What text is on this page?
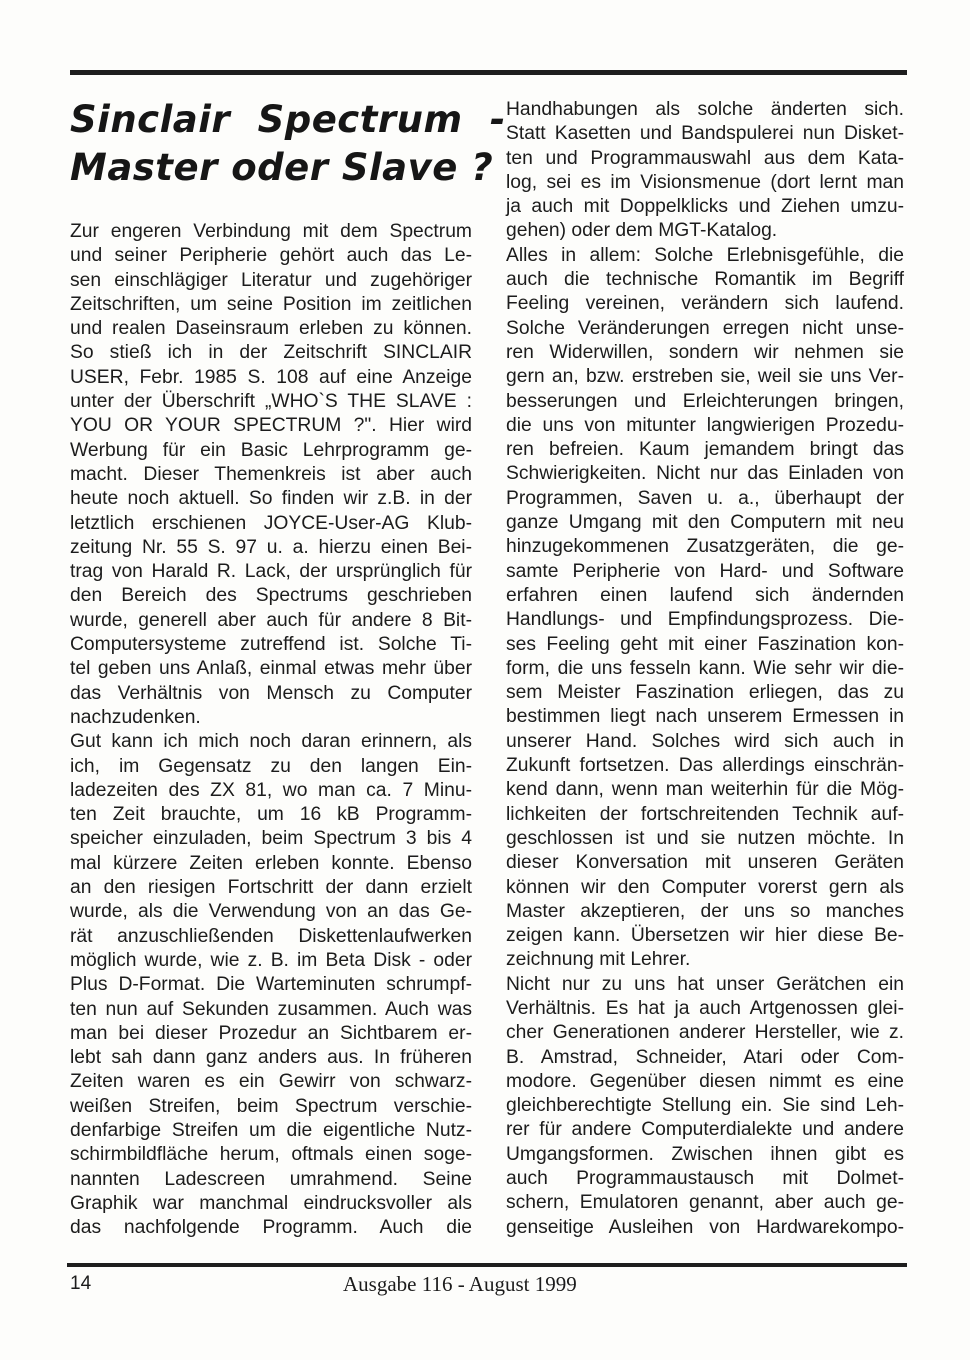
Sinclair Spectrum -
Master oder Slave ?
Zur engeren Verbindung mit dem Spectrum
und seiner Peripherie gehört auch das Le-
sen einschlägiger Literatur und zugehöriger
Zeitschriften, um seine Position im zeitlichen
und realen Daseinsraum erleben zu können.
So stieß ich in der Zeitschrift SINCLAIR
USER, Febr. 1985 S. 108 auf eine Anzeige
unter der Überschrift „WHO`S THE SLAVE :
YOU OR YOUR SPECTRUM ?". Hier wird
Werbung für ein Basic Lehrprogramm ge-
macht. Dieser Themenkreis ist aber auch
heute noch aktuell. So finden wir z.B. in der
letztlich erschienen JOYCE-User-AG Klub-
zeitung Nr. 55 S. 97 u. a. hierzu einen Bei-
trag von Harald R. Lack, der ursprünglich für
den Bereich des Spectrums geschrieben
wurde, generell aber auch für andere 8 Bit-
Computersysteme zutreffend ist. Solche Ti-
tel geben uns Anlaß, einmal etwas mehr über
das Verhältnis von Mensch zu Computer
nachzudenken.
Gut kann ich mich noch daran erinnern, als
ich, im Gegensatz zu den langen Ein-
ladezeiten des ZX 81, wo man ca. 7 Minu-
ten Zeit brauchte, um 16 kB Programm-
speicher einzuladen, beim Spectrum 3 bis 4
mal kürzere Zeiten erleben konnte. Ebenso
an den riesigen Fortschritt der dann erzielt
wurde, als die Verwendung von an das Ge-
rät anzuschließenden Diskettenlaufwerken
möglich wurde, wie z. B. im Beta Disk - oder
Plus D-Format. Die Warteminuten schrumpf-
ten nun auf Sekunden zusammen. Auch was
man bei dieser Prozedur an Sichtbarem er-
lebt sah dann ganz anders aus. In früheren
Zeiten waren es ein Gewirr von schwarz-
weißen Streifen, beim Spectrum verschie-
denfarbige Streifen um die eigentliche Nutz-
schirmbildfläche herum, oftmals einen soge-
nannten Ladescreen umrahmend. Seine
Graphik war manchmal eindrucksvoller als
das nachfolgende Programm. Auch die
Handhabungen als solche änderten sich.
Statt Kasetten und Bandspulerei nun Disket-
ten und Programmauswahl aus dem Kata-
log, sei es im Visionsmenue (dort lernt man
ja auch mit Doppelklicks und Ziehen umzu-
gehen) oder dem MGT-Katalog.
Alles in allem: Solche Erlebnisgefühle, die
auch die technische Romantik im Begriff
Feeling vereinen, verändern sich laufend.
Solche Veränderungen erregen nicht unse-
ren Widerwillen, sondern wir nehmen sie
gern an, bzw. erstreben sie, weil sie uns Ver-
besserungen und Erleichterungen bringen,
die uns von mitunter langwierigen Prozedu-
ren befreien. Kaum jemandem bringt das
Schwierigkeiten. Nicht nur das Einladen von
Programmen, Saven u. a., überhaupt der
ganze Umgang mit den Computern mit neu
hinzugekommenen Zusatzgeräten, die ge-
samte Peripherie von Hard- und Software
erfahren einen laufend sich ändernden
Handlungs- und Empfindungsprozess. Die-
ses Feeling geht mit einer Faszination kon-
form, die uns fesseln kann. Wie sehr wir die-
sem Meister Faszination erliegen, das zu
bestimmen liegt nach unserem Ermessen in
unserer Hand. Solches wird sich auch in
Zukunft fortsetzen. Das allerdings einschrän-
kend dann, wenn man weiterhin für die Mög-
lichkeiten der fortschreitenden Technik auf-
geschlossen ist und sie nutzen möchte. In
dieser Konversation mit unseren Geräten
können wir den Computer vorerst gern als
Master akzeptieren, der uns so manches
zeigen kann. Übersetzen wir hier diese Be-
zeichnung mit Lehrer.
Nicht nur zu uns hat unser Gerätchen ein
Verhältnis. Es hat ja auch Artgenossen glei-
cher Generationen anderer Hersteller, wie z.
B. Amstrad, Schneider, Atari oder Com-
modore. Gegenüber diesen nimmt es eine
gleichberechtigte Stellung ein. Sie sind Leh-
rer für andere Computerdialekte und andere
Umgangsformen. Zwischen ihnen gibt es
auch Programmaustausch mit Dolmet-
schern, Emulatoren genannt, aber auch ge-
genseitige Ausleihen von Hardwarekompo-
14	Ausgabe 116 - August 1999
